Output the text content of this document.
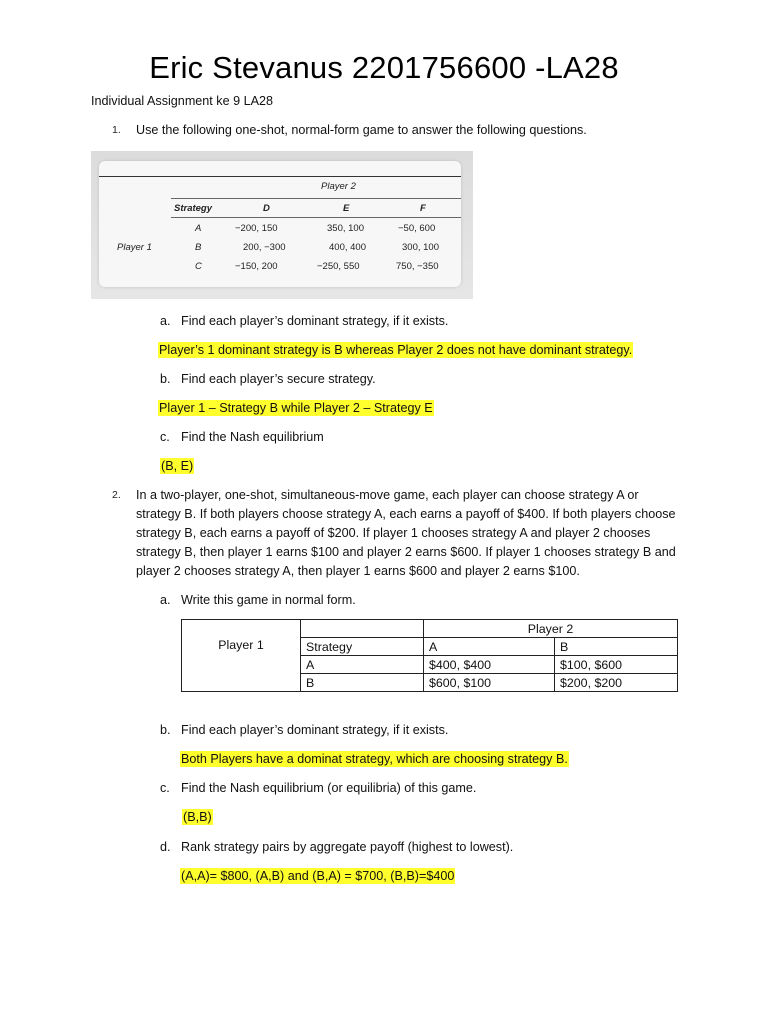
Eric Stevanus 2201756600 -LA28
Individual Assignment ke 9 LA28
1. Use the following one-shot, normal-form game to answer the following questions.
Player 2
Strategy	D	E	F
Player 1
A	−200, 150	350, 100	−50, 600
B	200, −300	400, 400	300, 100
C	−150, 200	−250, 550	750, −350
a. Find each player’s dominant strategy, if it exists.
Player’s 1 dominant strategy is B whereas Player 2 does not have dominant strategy.
b. Find each player’s secure strategy.
Player 1 – Strategy B while Player 2 – Strategy E
c. Find the Nash equilibrium
(B, E)
2. In a two-player, one-shot, simultaneous-move game, each player can choose strategy A or
strategy B. If both players choose strategy A, each earns a payoff of $400. If both players choose
strategy B, each earns a payoff of $200. If player 1 chooses strategy A and player 2 chooses
strategy B, then player 1 earns $100 and player 2 earns $600. If player 1 chooses strategy B and
player 2 chooses strategy A, then player 1 earns $600 and player 2 earns $100.
a. Write this game in normal form.
Player 1		Player 2	
	Strategy	A	B
	A	$400, $400	$100, $600
	B	$600, $100	$200, $200
b. Find each player’s dominant strategy, if it exists.
Both Players have a dominat strategy, which are choosing strategy B.
c. Find the Nash equilibrium (or equilibria) of this game.
(B,B)
d. Rank strategy pairs by aggregate payoff (highest to lowest).
(A,A)= $800, (A,B) and (B,A) = $700, (B,B)=$400
